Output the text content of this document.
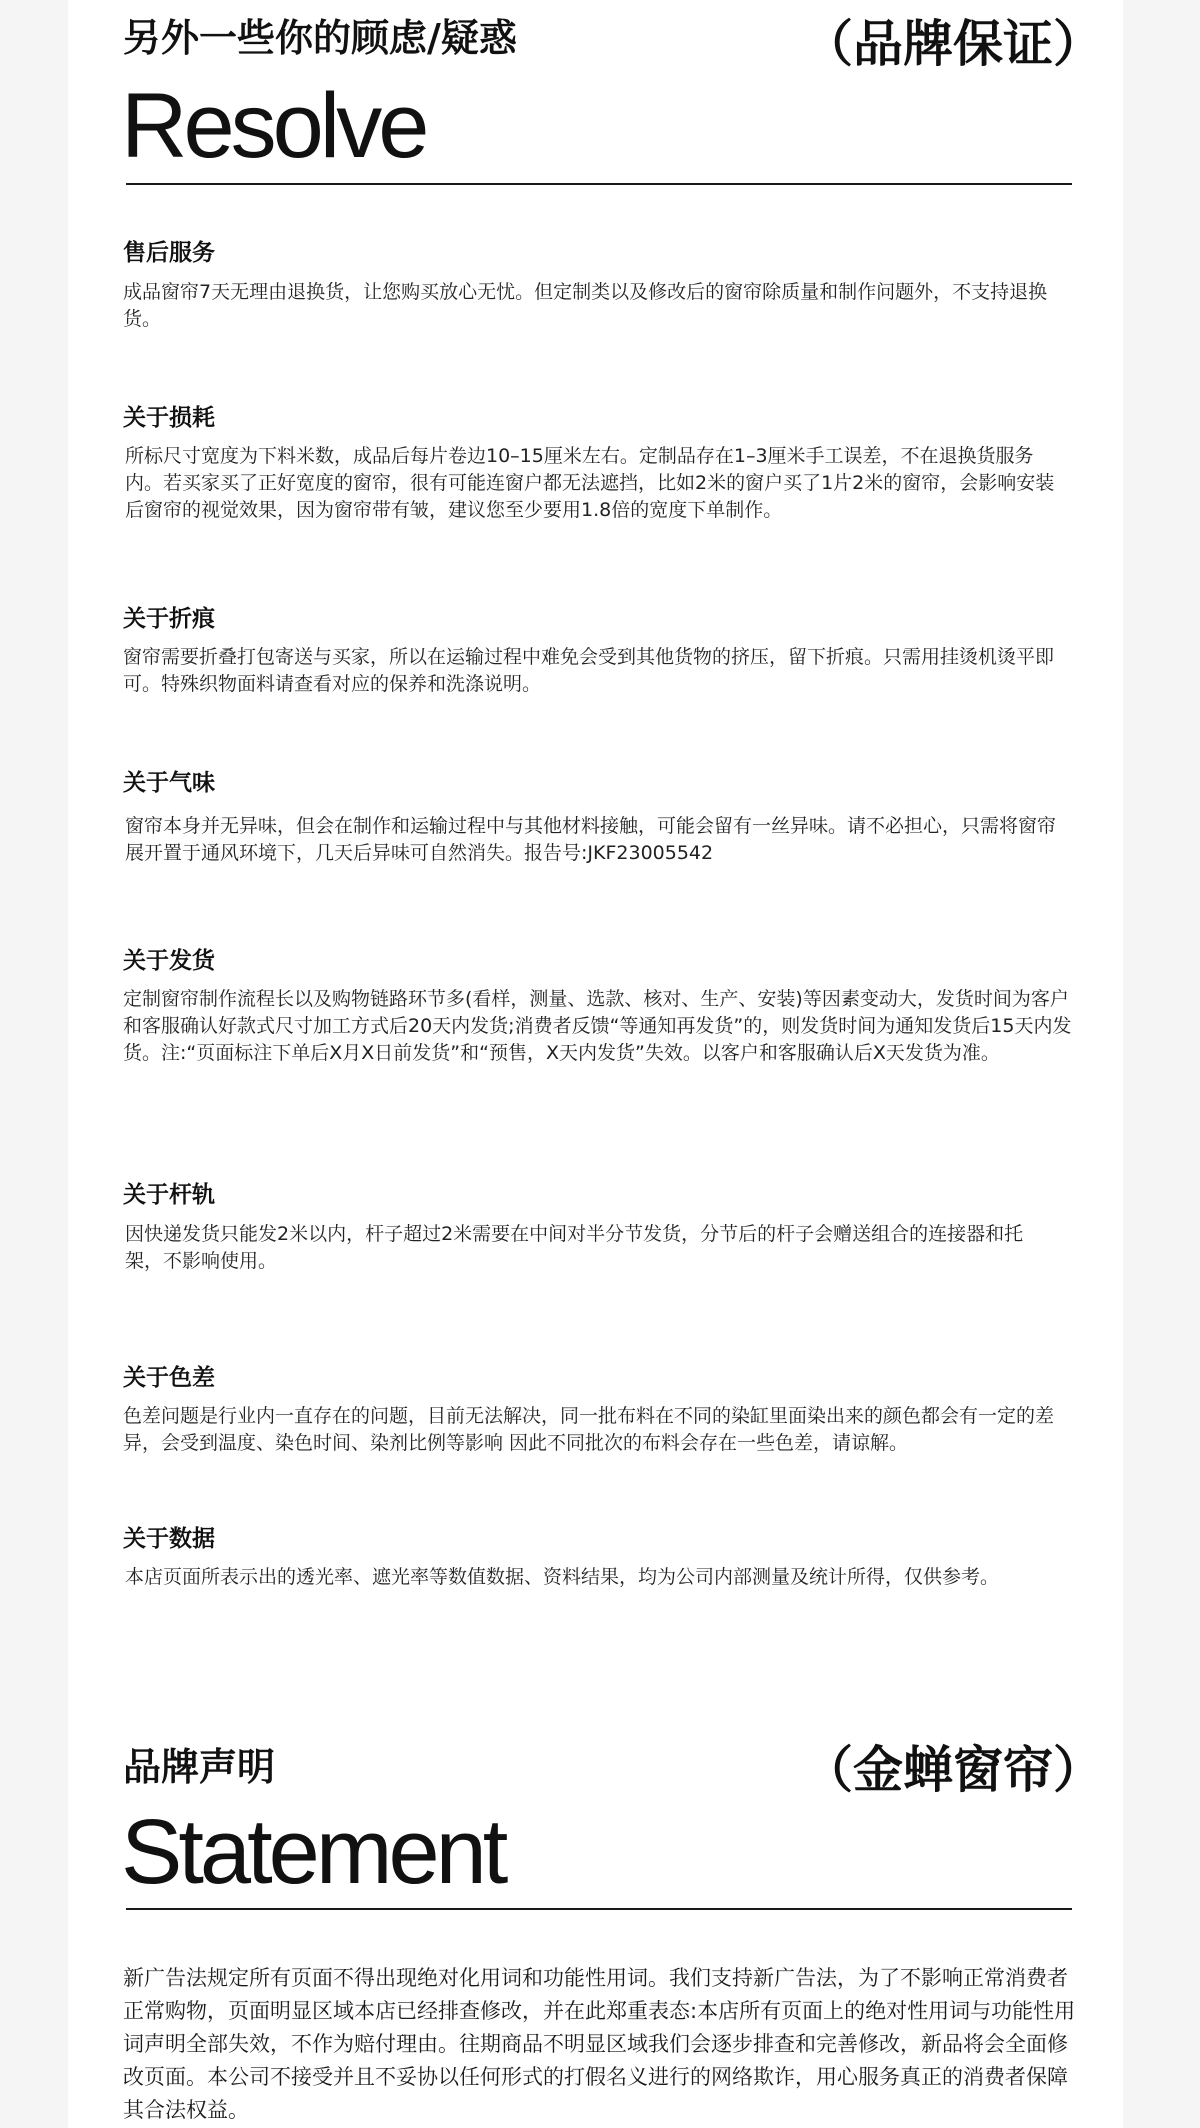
另外一些你的顾虑/疑惑	（品牌保证）
Resolve
售后服务
成品窗帘7天无理由退换货，让您购买放心无忧。但定制类以及修改后的窗帘除质量和制作问题外，不支持退换货。
关于损耗
所标尺寸宽度为下料米数，成品后每片卷边10–15厘米左右。定制品存在1–3厘米手工误差，不在退换货服务内。若买家买了正好宽度的窗帘，很有可能连窗户都无法遮挡，比如2米的窗户买了1片2米的窗帘，会影响安装后窗帘的视觉效果，因为窗帘带有皱，建议您至少要用1.8倍的宽度下单制作。
关于折痕
窗帘需要折叠打包寄送与买家，所以在运输过程中难免会受到其他货物的挤压，留下折痕。只需用挂烫机烫平即可。特殊织物面料请查看对应的保养和洗涤说明。
关于气味
窗帘本身并无异味，但会在制作和运输过程中与其他材料接触，可能会留有一丝异味。请不必担心，只需将窗帘展开置于通风环境下，几天后异味可自然消失。报告号:JKF23005542
关于发货
定制窗帘制作流程长以及购物链路环节多(看样，测量、选款、核对、生产、安装)等因素变动大，发货时间为客户和客服确认好款式尺寸加工方式后20天内发货;消费者反馈“等通知再发货”的，则发货时间为通知发货后15天内发货。注:“页面标注下单后X月X日前发货”和“预售，X天内发货”失效。以客户和客服确认后X天发货为准。
关于杆轨
因快递发货只能发2米以内，杆子超过2米需要在中间对半分节发货，分节后的杆子会赠送组合的连接器和托架，不影响使用。
关于色差
色差问题是行业内一直存在的问题，目前无法解决，同一批布料在不同的染缸里面染出来的颜色都会有一定的差异，会受到温度、染色时间、染剂比例等影响 因此不同批次的布料会存在一些色差，请谅解。
关于数据
本店页面所表示出的透光率、遮光率等数值数据、资料结果，均为公司内部测量及统计所得，仅供参考。
品牌声明	（金蝉窗帘）
Statement
新广告法规定所有页面不得出现绝对化用词和功能性用词。我们支持新广告法，为了不影响正常消费者正常购物，页面明显区域本店已经排查修改，并在此郑重表态:本店所有页面上的绝对性用词与功能性用词声明全部失效，不作为赔付理由。往期商品不明显区域我们会逐步排查和完善修改，新品将会全面修改页面。本公司不接受并且不妥协以任何形式的打假名义进行的网络欺诈，用心服务真正的消费者保障其合法权益。
